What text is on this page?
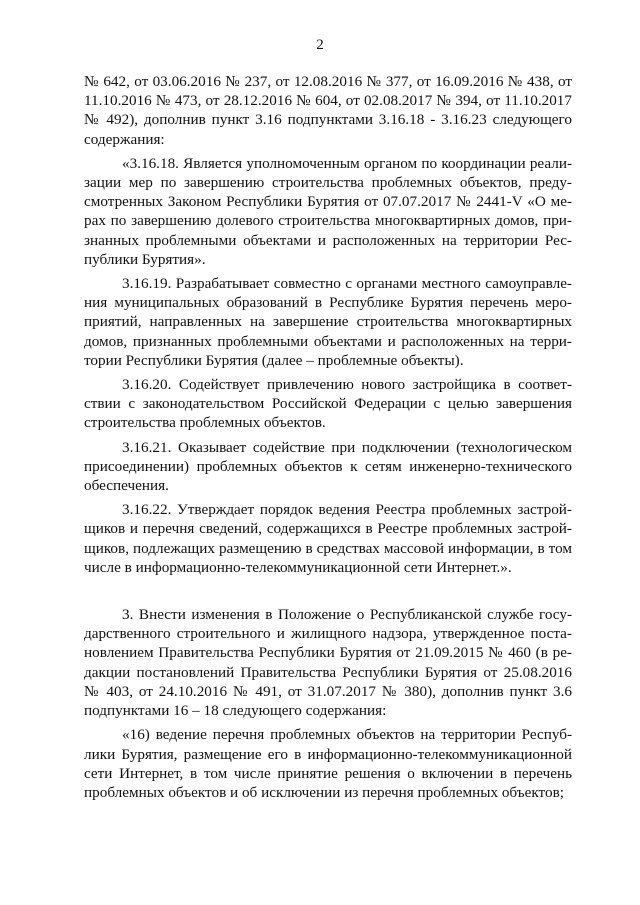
2
№ 642, от 03.06.2016 № 237, от 12.08.2016 № 377, от 16.09.2016 № 438, от
11.10.2016 № 473, от 28.12.2016 № 604, от 02.08.2017 № 394, от 11.10.2017
№ 492), дополнив пункт 3.16 подпунктами 3.16.18 - 3.16.23 следующего
содержания:
«3.16.18. Является уполномоченным органом по координации реали-
зации мер по завершению строительства проблемных объектов, преду-
смотренных Законом Республики Бурятия от 07.07.2017 № 2441-V «О ме-
рах по завершению долевого строительства многоквартирных домов, при-
знанных проблемными объектами и расположенных на территории Рес-
публики Бурятия».
3.16.19. Разрабатывает совместно с органами местного самоуправле-
ния муниципальных образований в Республике Бурятия перечень меро-
приятий, направленных на завершение строительства многоквартирных
домов, признанных проблемными объектами и расположенных на терри-
тории Республики Бурятия (далее – проблемные объекты).
3.16.20. Содействует привлечению нового застройщика в соответ-
ствии с законодательством Российской Федерации с целью завершения
строительства проблемных объектов.
3.16.21. Оказывает содействие при подключении (технологическом
присоединении) проблемных объектов к сетям инженерно-технического
обеспечения.
3.16.22. Утверждает порядок ведения Реестра проблемных застрой-
щиков и перечня сведений, содержащихся в Реестре проблемных застрой-
щиков, подлежащих размещению в средствах массовой информации, в том
числе в информационно-телекоммуникационной сети Интернет.».
3. Внести изменения в Положение о Республиканской службе госу-
дарственного строительного и жилищного надзора, утвержденное поста-
новлением Правительства Республики Бурятия от 21.09.2015 № 460 (в ре-
дакции постановлений Правительства Республики Бурятия от 25.08.2016
№ 403, от 24.10.2016 № 491, от 31.07.2017 № 380), дополнив пункт 3.6
подпунктами 16 – 18 следующего содержания:
«16) ведение перечня проблемных объектов на территории Респуб-
лики Бурятия, размещение его в информационно-телекоммуникационной
сети Интернет, в том числе принятие решения о включении в перечень
проблемных объектов и об исключении из перечня проблемных объектов;
